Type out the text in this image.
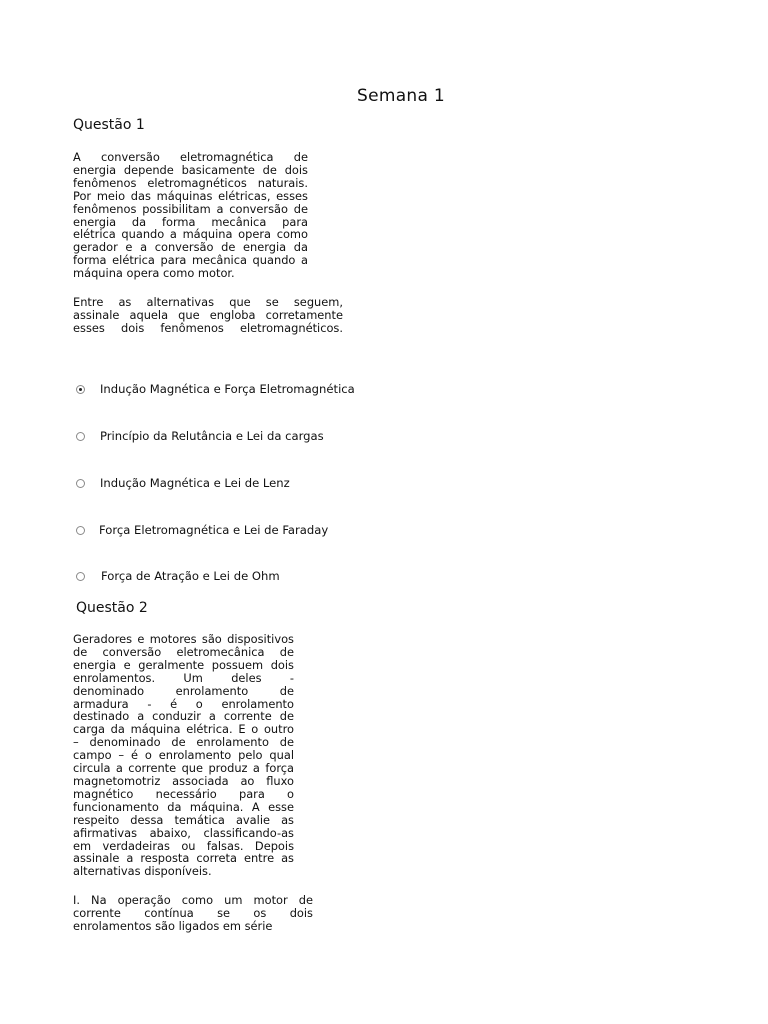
Semana 1
Questão 1
A conversão eletromagnética de
energia depende basicamente de dois
fenômenos eletromagnéticos naturais.
Por meio das máquinas elétricas, esses
fenômenos possibilitam a conversão de
energia da forma mecânica para
elétrica quando a máquina opera como
gerador e a conversão de energia da
forma elétrica para mecânica quando a
máquina opera como motor.
Entre as alternativas que se seguem,
assinale aquela que engloba corretamente
esses dois fenômenos eletromagnéticos.
Indução Magnética e Força Eletromagnética
Princípio da Relutância e Lei da cargas
Indução Magnética e Lei de Lenz
Força Eletromagnética e Lei de Faraday
Força de Atração e Lei de Ohm
Questão 2
Geradores e motores são dispositivos
de conversão eletromecânica de
energia e geralmente possuem dois
enrolamentos. Um deles -
denominado enrolamento de
armadura - é o enrolamento
destinado a conduzir a corrente de
carga da máquina elétrica. E o outro
– denominado de enrolamento de
campo – é o enrolamento pelo qual
circula a corrente que produz a força
magnetomotriz associada ao fluxo
magnético necessário para o
funcionamento da máquina. A esse
respeito dessa temática avalie as
afirmativas abaixo, classificando-as
em verdadeiras ou falsas. Depois
assinale a resposta correta entre as
alternativas disponíveis.
I. Na operação como um motor de
corrente contínua se os dois
enrolamentos são ligados em série
